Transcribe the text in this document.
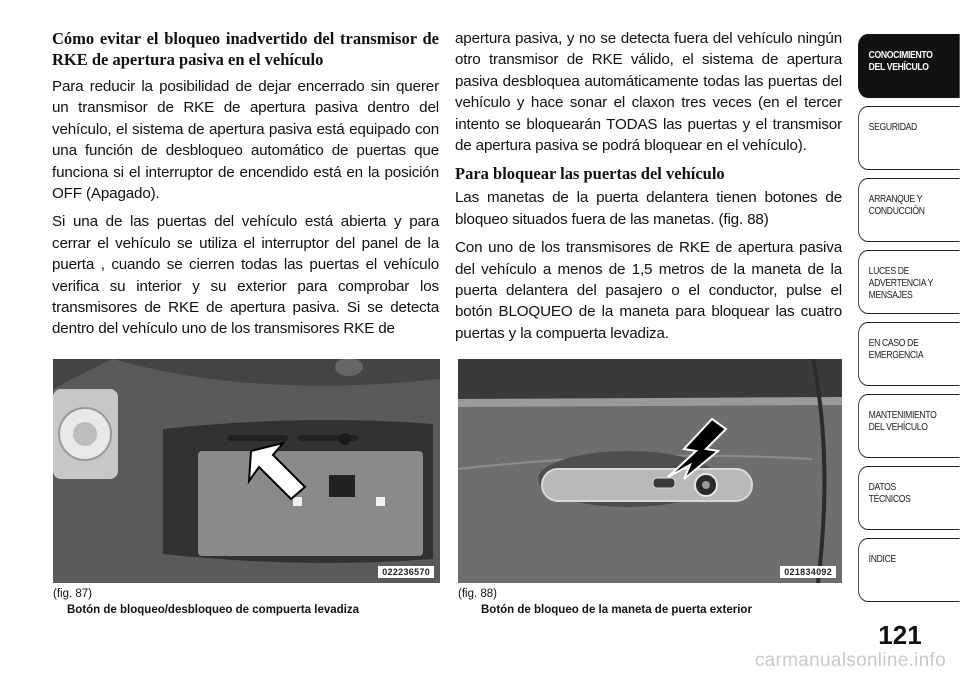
Cómo evitar el bloqueo inadvertido del transmisor de RKE de apertura pasiva en el vehículo

Para reducir la posibilidad de dejar encerrado sin querer un transmisor de RKE de apertura pasiva dentro del vehículo, el sistema de apertura pasiva está equipado con una función de desbloqueo automático de puertas que funciona si el interruptor de encendido está en la posición OFF (Apagado).

Si una de las puertas del vehículo está abierta y para cerrar el vehículo se utiliza el interruptor del panel de la puerta , cuando se cierren todas las puertas el vehículo verifica su interior y su exterior para comprobar los transmisores de RKE de apertura pasiva. Si se detecta dentro del vehículo uno de los transmisores RKE de

apertura pasiva, y no se detecta fuera del vehículo ningún otro transmisor de RKE válido, el sistema de apertura pasiva desbloquea automáticamente todas las puertas del vehículo y hace sonar el claxon tres veces (en el tercer intento se bloquearán TODAS las puertas y el transmisor de apertura pasiva se podrá bloquear en el vehículo).

Para bloquear las puertas del vehículo

Las manetas de la puerta delantera tienen botones de bloqueo situados fuera de las manetas. (fig. 88)

Con uno de los transmisores de RKE de apertura pasiva del vehículo a menos de 1,5 metros de la maneta de la puerta delantera del pasajero o el conductor, pulse el botón BLOQUEO de la maneta para bloquear las cuatro puertas y la compuerta levadiza.

022236570	021834092
(fig. 87)
Botón de bloqueo/desbloqueo de compuerta levadiza
(fig. 88)
Botón de bloqueo de la maneta de puerta exterior
CONOCIMIENTO
DEL VEHÍCULO
SEGURIDAD
ARRANQUE Y
CONDUCCIÓN
LUCES DE
ADVERTENCIA Y
MENSAJES
EN CASO DE
EMERGENCIA
MANTENIMIENTO
DEL VEHÍCULO
DATOS
TÉCNICOS
ÍNDICE
121
carmanualsonline.info
